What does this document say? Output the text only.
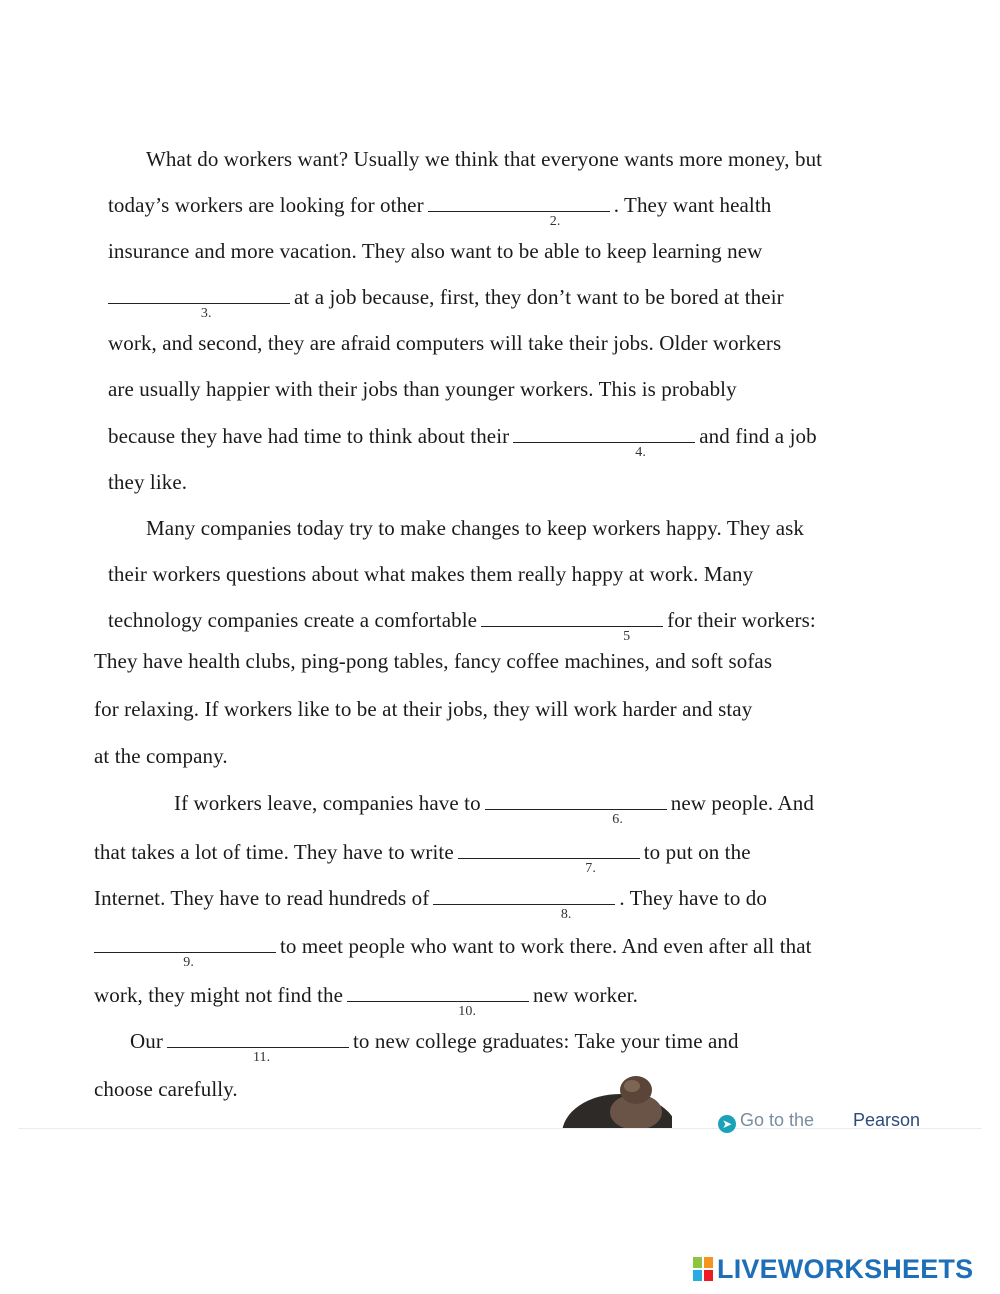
What do workers want? Usually we think that everyone wants more money, but
today’s workers are looking for other
2.
. They want health
insurance and more vacation. They also want to be able to keep learning new
3.
at a job because, first, they don’t want to be bored at their
work, and second, they are afraid computers will take their jobs. Older workers
are usually happier with their jobs than younger workers. This is probably
because they have had time to think about their
4.
and find a job
they like.
Many companies today try to make changes to keep workers happy. They ask
their workers questions about what makes them really happy at work. Many
technology companies create a comfortable
5
for their workers:
They have health clubs, ping-pong tables, fancy coffee machines, and soft sofas
for relaxing. If workers like to be at their jobs, they will work harder and stay
at the company.
If workers leave, companies have to
6.
new people. And
that takes a lot of time. They have to write
7.
to put on the
Internet. They have to read hundreds of
8.
. They have to do
9.
to meet people who want to work there. And even after all that
work, they might not find the
10.
new worker.
Our
11.
to new college graduates: Take your time and
choose carefully.
➤ Go to the Pearson
LIVEWORKSHEETS
